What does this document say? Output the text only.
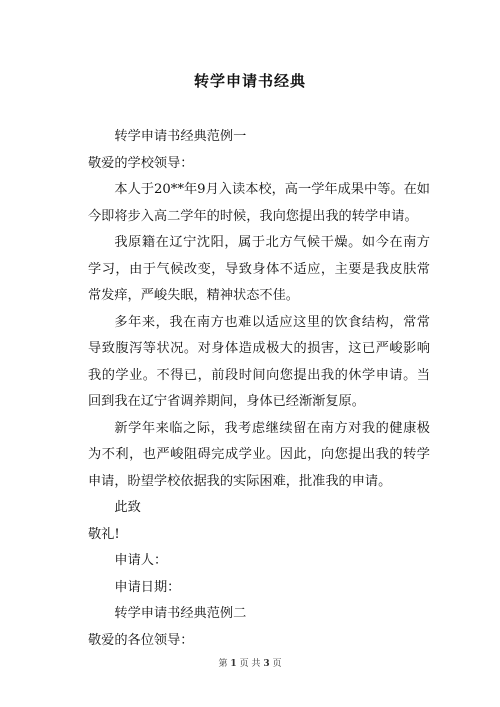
转学申请书经典

转学申请书经典范例一

敬爱的学校领导：

本人于20**年9月入读本校，高一学年成果中等。在如今即将步入高二学年的时候，我向您提出我的转学申请。

我原籍在辽宁沈阳，属于北方气候干燥。如今在南方学习，由于气候改变，导致身体不适应，主要是我皮肤常常发痒，严峻失眠，精神状态不佳。

多年来，我在南方也难以适应这里的饮食结构，常常导致腹泻等状况。对身体造成极大的损害，这已严峻影响我的学业。不得已，前段时间向您提出我的休学申请。当回到我在辽宁省调养期间，身体已经渐渐复原。

新学年来临之际，我考虑继续留在南方对我的健康极为不利，也严峻阻碍完成学业。因此，向您提出我的转学申请，盼望学校依据我的实际困难，批准我的申请。

此致

敬礼!

申请人：

申请日期：

转学申请书经典范例二

敬爱的各位领导：

第 1 页 共 3 页
